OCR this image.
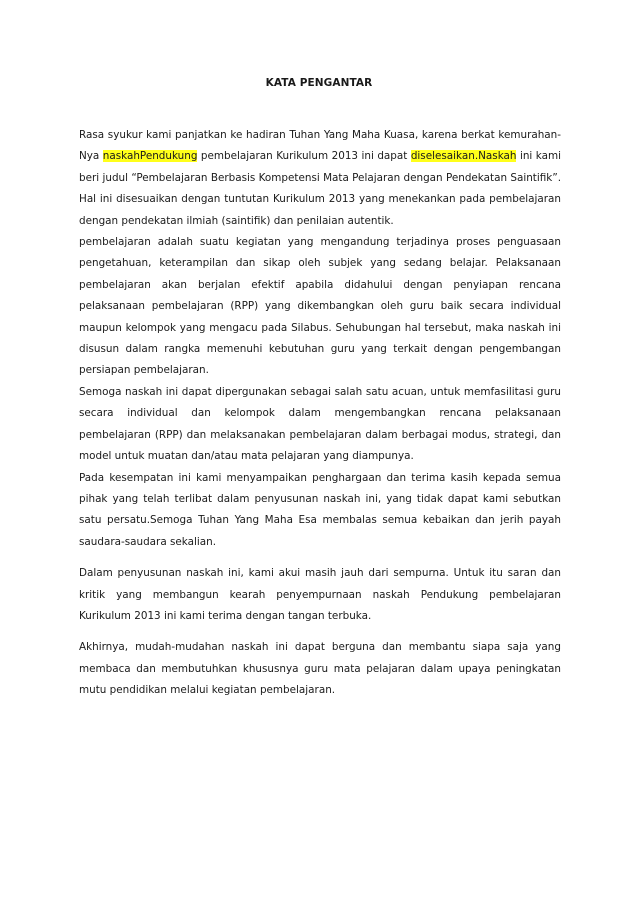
KATA PENGANTAR

Rasa syukur kami panjatkan ke hadiran Tuhan Yang Maha Kuasa, karena berkat kemurahan-Nya naskahPendukung pembelajaran Kurikulum 2013 ini dapat diselesaikan.Naskah ini kami beri judul “Pembelajaran Berbasis Kompetensi Mata Pelajaran dengan Pendekatan Saintifik”. Hal ini disesuaikan dengan tuntutan Kurikulum 2013 yang menekankan pada pembelajaran dengan pendekatan ilmiah (saintifik) dan penilaian autentik.

pembelajaran adalah suatu kegiatan yang mengandung terjadinya proses penguasaan pengetahuan, keterampilan dan sikap oleh subjek yang sedang belajar. Pelaksanaan pembelajaran akan berjalan efektif apabila didahului dengan penyiapan rencana pelaksanaan pembelajaran (RPP) yang dikembangkan oleh guru baik secara individual maupun kelompok yang mengacu pada Silabus. Sehubungan hal tersebut, maka naskah ini disusun dalam rangka memenuhi kebutuhan guru yang terkait dengan pengembangan persiapan pembelajaran.

Semoga naskah ini dapat dipergunakan sebagai salah satu acuan, untuk memfasilitasi guru secara individual dan kelompok dalam mengembangkan rencana pelaksanaan pembelajaran (RPP) dan melaksanakan pembelajaran dalam berbagai modus, strategi, dan model untuk muatan dan/atau mata pelajaran yang diampunya.

Pada kesempatan ini kami menyampaikan penghargaan dan terima kasih kepada semua pihak yang telah terlibat dalam penyusunan naskah ini, yang tidak dapat kami sebutkan satu persatu.Semoga Tuhan Yang Maha Esa membalas semua kebaikan dan jerih payah saudara-saudara sekalian.

Dalam penyusunan naskah ini, kami akui masih jauh dari sempurna. Untuk itu saran dan kritik yang membangun kearah penyempurnaan naskah Pendukung pembelajaran Kurikulum 2013 ini kami terima dengan tangan terbuka.

Akhirnya, mudah-mudahan naskah ini dapat berguna dan membantu siapa saja yang membaca dan membutuhkan khususnya guru mata pelajaran dalam upaya peningkatan mutu pendidikan melalui kegiatan pembelajaran.
